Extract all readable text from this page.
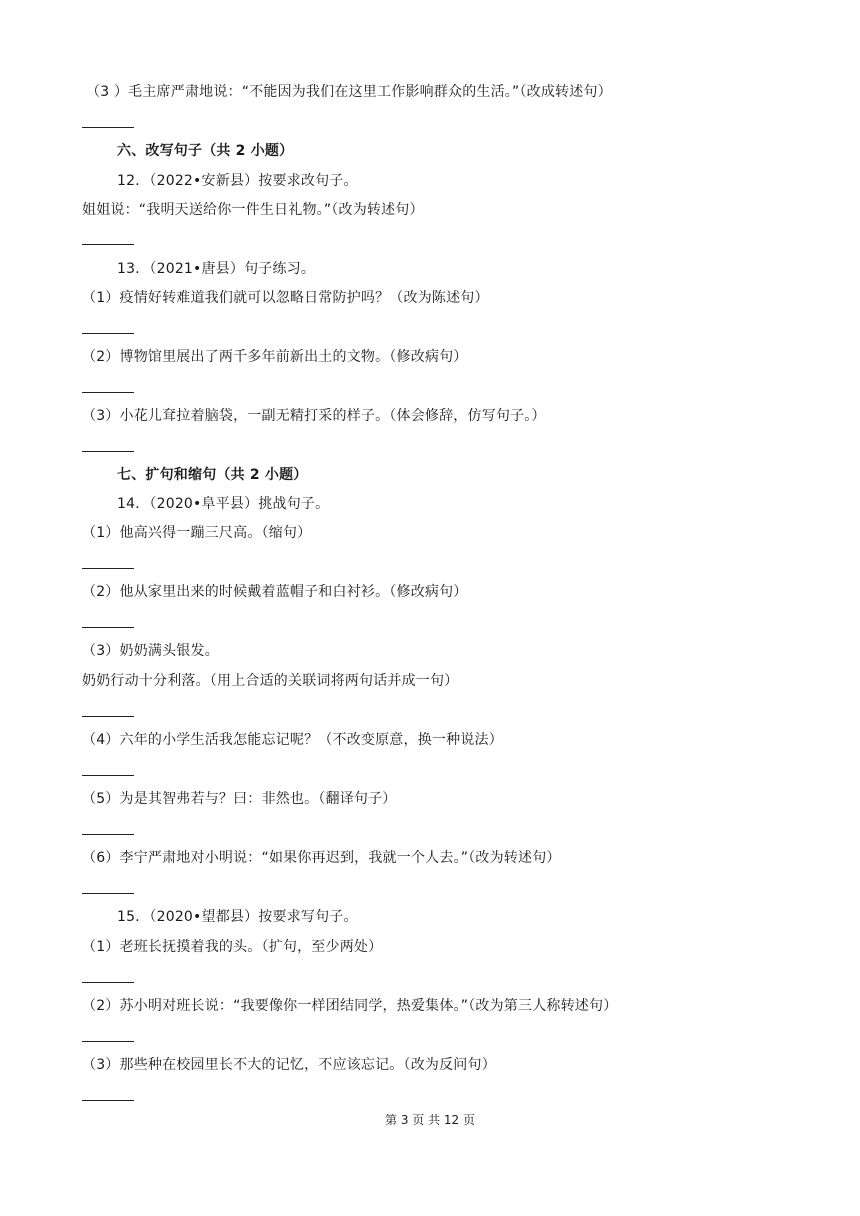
（3 ）毛主席严肃地说：“不能因为我们在这里工作影响群众的生活。”（改成转述句）
六、改写句子（共 2 小题）
12．（2022•安新县）按要求改句子。
姐姐说：“我明天送给你一件生日礼物。”（改为转述句）
13．（2021•唐县）句子练习。
（1）疫情好转难道我们就可以忽略日常防护吗？（改为陈述句）
（2）博物馆里展出了两千多年前新出土的文物。（修改病句）
（3）小花儿耷拉着脑袋，一副无精打采的样子。（体会修辞，仿写句子。）
七、扩句和缩句（共 2 小题）
14．（2020•阜平县）挑战句子。
（1）他高兴得一蹦三尺高。（缩句）
（2）他从家里出来的时候戴着蓝帽子和白衬衫。（修改病句）
（3）奶奶满头银发。
奶奶行动十分利落。（用上合适的关联词将两句话并成一句）
（4）六年的小学生活我怎能忘记呢？（不改变原意，换一种说法）
（5）为是其智弗若与？曰：非然也。（翻译句子）
（6）李宁严肃地对小明说：“如果你再迟到，我就一个人去。”（改为转述句）
15．（2020•望都县）按要求写句子。
（1）老班长抚摸着我的头。（扩句，至少两处）
（2）苏小明对班长说：“我要像你一样团结同学，热爱集体。”（改为第三人称转述句）
（3）那些种在校园里长不大的记忆，不应该忘记。（改为反问句）
第 3 页 共 12 页
